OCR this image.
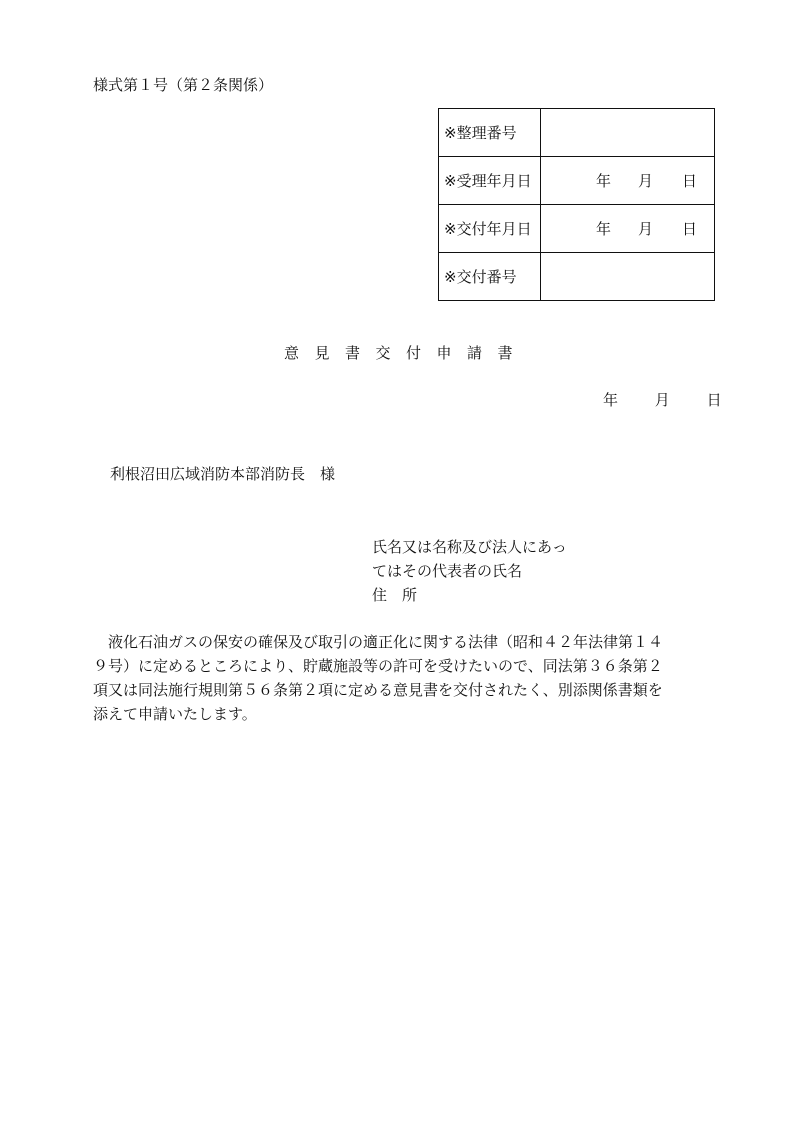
様式第１号（第２条関係）
※整理番号	
※受理年月日	年 月 日

※交付年月日	年 月 日

※交付番号	
意見書交付申請書
年 月 日
利根沼田広域消防本部消防長　様
氏名又は名称及び法人にあっ
てはその代表者の氏名
住　所
　液化石油ガスの保安の確保及び取引の適正化に関する法律（昭和４２年法律第１４
９号）に定めるところにより、貯蔵施設等の許可を受けたいので、同法第３６条第２
項又は同法施行規則第５６条第２項に定める意見書を交付されたく、別添関係書類を
添えて申請いたします。
